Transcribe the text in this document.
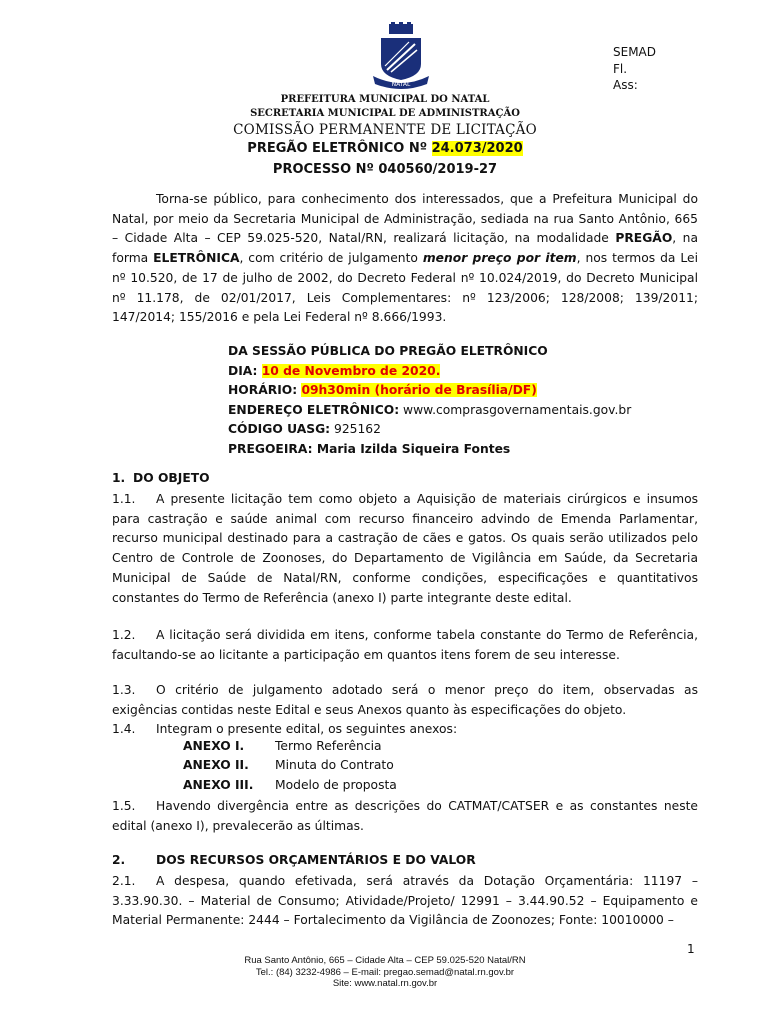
NATAL
SEMAD
Fl.
Ass:
PREFEITURA MUNICIPAL DO NATAL
SECRETARIA MUNICIPAL DE ADMINISTRAÇÃO
COMISSÃO PERMANENTE DE LICITAÇÃO
PREGÃO ELETRÔNICO Nº 24.073/2020
PROCESSO Nº 040560/2019-27
Torna-se público, para conhecimento dos interessados, que a Prefeitura Municipal do Natal, por meio da Secretaria Municipal de Administração, sediada na rua Santo Antônio, 665 – Cidade Alta – CEP 59.025-520, Natal/RN, realizará licitação, na modalidade PREGÃO, na forma ELETRÔNICA, com critério de julgamento menor preço por item, nos termos da Lei nº 10.520, de 17 de julho de 2002, do Decreto Federal nº 10.024/2019, do Decreto Municipal nº 11.178, de 02/01/2017, Leis Complementares: nº 123/2006; 128/2008; 139/2011; 147/2014; 155/2016 e pela Lei Federal nº 8.666/1993.
DA SESSÃO PÚBLICA DO PREGÃO ELETRÔNICO
DIA: 10 de Novembro de 2020.
HORÁRIO: 09h30min (horário de Brasília/DF)
ENDEREÇO ELETRÔNICO: www.comprasgovernamentais.gov.br
CÓDIGO UASG: 925162
PREGOEIRA: Maria Izilda Siqueira Fontes
1. DO OBJETO
1.1. A presente licitação tem como objeto a Aquisição de materiais cirúrgicos e insumos para castração e saúde animal com recurso financeiro advindo de Emenda Parlamentar, recurso municipal destinado para a castração de cães e gatos. Os quais serão utilizados pelo Centro de Controle de Zoonoses, do Departamento de Vigilância em Saúde, da Secretaria Municipal de Saúde de Natal/RN, conforme condições, especificações e quantitativos constantes do Termo de Referência (anexo I) parte integrante deste edital.
1.2. A licitação será dividida em itens, conforme tabela constante do Termo de Referência, facultando-se ao licitante a participação em quantos itens forem de seu interesse.
1.3. O critério de julgamento adotado será o menor preço do item, observadas as exigências contidas neste Edital e seus Anexos quanto às especificações do objeto.
1.4. Integram o presente edital, os seguintes anexos:
ANEXO I.	Termo Referência
ANEXO II. Minuta do Contrato
ANEXO III. Modelo de proposta
1.5. Havendo divergência entre as descrições do CATMAT/CATSER e as constantes neste edital (anexo I), prevalecerão as últimas.
2.	DOS RECURSOS ORÇAMENTÁRIOS E DO VALOR
2.1. A despesa, quando efetivada, será através da Dotação Orçamentária: 11197 – 3.33.90.30. – Material de Consumo; Atividade/Projeto/ 12991 – 3.44.90.52 – Equipamento e Material Permanente: 2444 – Fortalecimento da Vigilância de Zoonozes; Fonte: 10010000 –
1
Rua Santo Antônio, 665 – Cidade Alta – CEP 59.025-520 Natal/RN
Tel.: (84) 3232-4986 – E-mail: pregao.semad@natal.rn.gov.br
Site: www.natal.rn.gov.br
